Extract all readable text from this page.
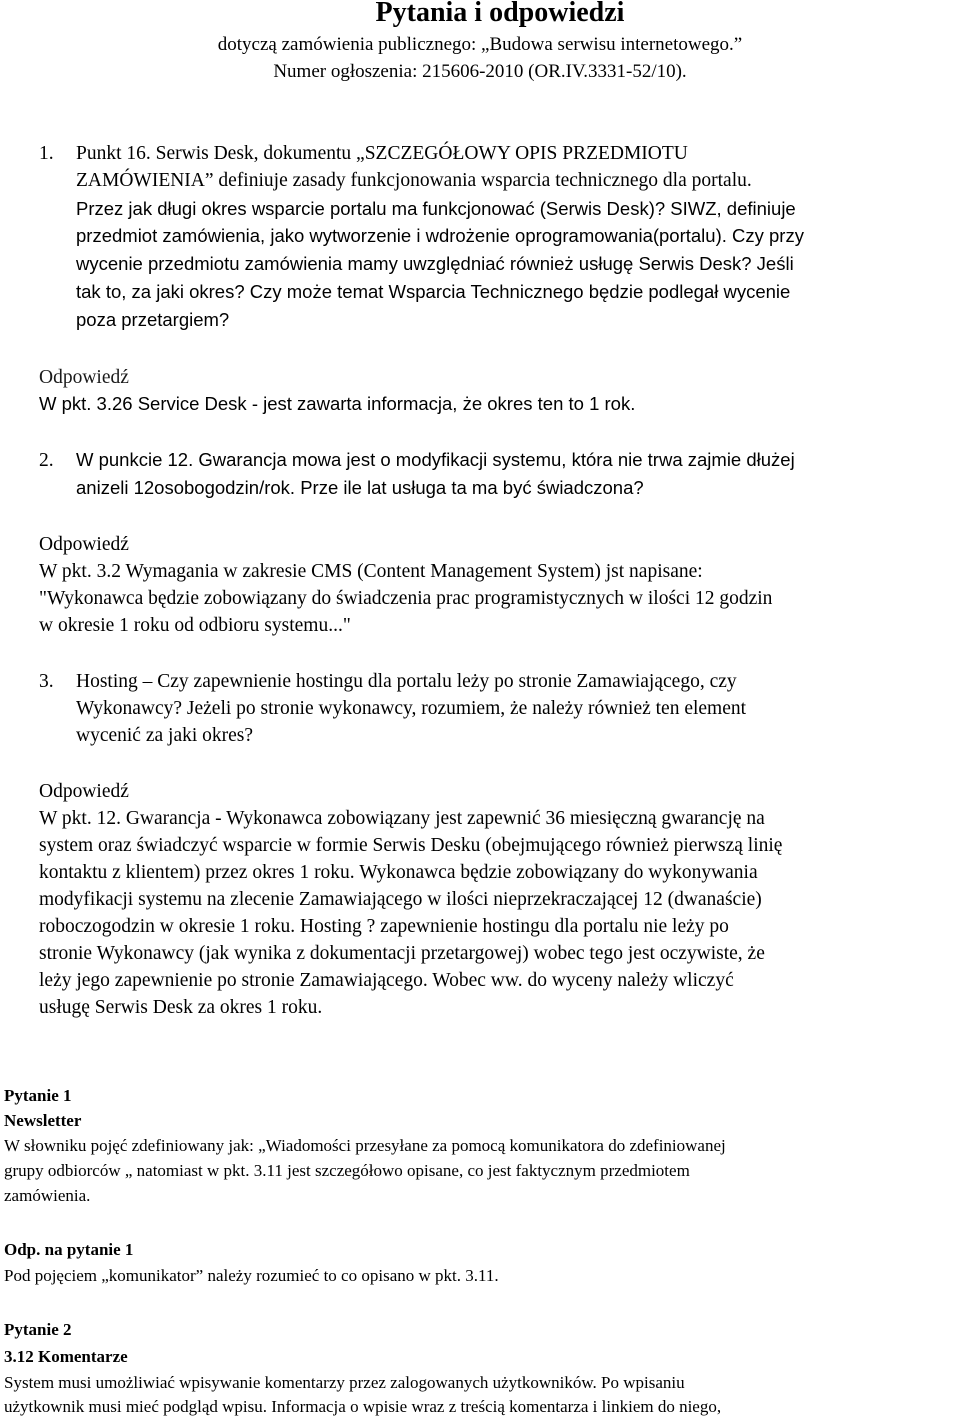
Pytania i odpowiedzi
dotyczą zamówienia publicznego: „Budowa serwisu internetowego.”
Numer ogłoszenia: 215606-2010 (OR.IV.3331-52/10).
1. Punkt 16. Serwis Desk, dokumentu „SZCZEGÓŁOWY OPIS PRZEDMIOTU
ZAMÓWIENIA” definiuje zasady funkcjonowania wsparcia technicznego dla portalu.
Przez jak długi okres wsparcie portalu ma funkcjonować (Serwis Desk)? SIWZ, definiuje
przedmiot zamówienia, jako wytworzenie i wdrożenie oprogramowania(portalu). Czy przy
wycenie przedmiotu zamówienia mamy uwzględniać również usługę Serwis Desk? Jeśli
tak to, za jaki okres? Czy może temat Wsparcia Technicznego będzie podlegał wycenie
poza przetargiem?
Odpowiedź
W pkt. 3.26 Service Desk - jest zawarta informacja, że okres ten to 1 rok.
2. W punkcie 12. Gwarancja mowa jest o modyfikacji systemu, która nie trwa zajmie dłużej
anizeli 12osobogodzin/rok. Prze ile lat usługa ta ma być świadczona?
Odpowiedź
W pkt. 3.2 Wymagania w zakresie CMS (Content Management System) jst napisane:
"Wykonawca będzie zobowiązany do świadczenia prac programistycznych w ilości 12 godzin
w okresie 1 roku od odbioru systemu..."
3. Hosting – Czy zapewnienie hostingu dla portalu leży po stronie Zamawiającego, czy
Wykonawcy? Jeżeli po stronie wykonawcy, rozumiem, że należy również ten element
wycenić za jaki okres?
Odpowiedź
W pkt. 12. Gwarancja - Wykonawca zobowiązany jest zapewnić 36 miesięczną gwarancję na
system oraz świadczyć wsparcie w formie Serwis Desku (obejmującego również pierwszą linię
kontaktu z klientem) przez okres 1 roku. Wykonawca będzie zobowiązany do wykonywania
modyfikacji systemu na zlecenie Zamawiającego w ilości nieprzekraczającej 12 (dwanaście)
roboczogodzin w okresie 1 roku. Hosting ? zapewnienie hostingu dla portalu nie leży po
stronie Wykonawcy (jak wynika z dokumentacji przetargowej) wobec tego jest oczywiste, że
leży jego zapewnienie po stronie Zamawiającego. Wobec ww. do wyceny należy wliczyć
usługę Serwis Desk za okres 1 roku.
Pytanie 1
Newsletter
W słowniku pojęć zdefiniowany jak: „Wiadomości przesyłane za pomocą komunikatora do zdefiniowanej
grupy odbiorców „ natomiast w pkt. 3.11 jest szczegółowo opisane, co jest faktycznym przedmiotem
zamówienia.
Odp. na pytanie 1
Pod pojęciem „komunikator” należy rozumieć to co opisano w pkt. 3.11.
Pytanie 2
3.12 Komentarze
System musi umożliwiać wpisywanie komentarzy przez zalogowanych użytkowników. Po wpisaniu
użytkownik musi mieć podgląd wpisu. Informacja o wpisie wraz z treścią komentarza i linkiem do niego,
